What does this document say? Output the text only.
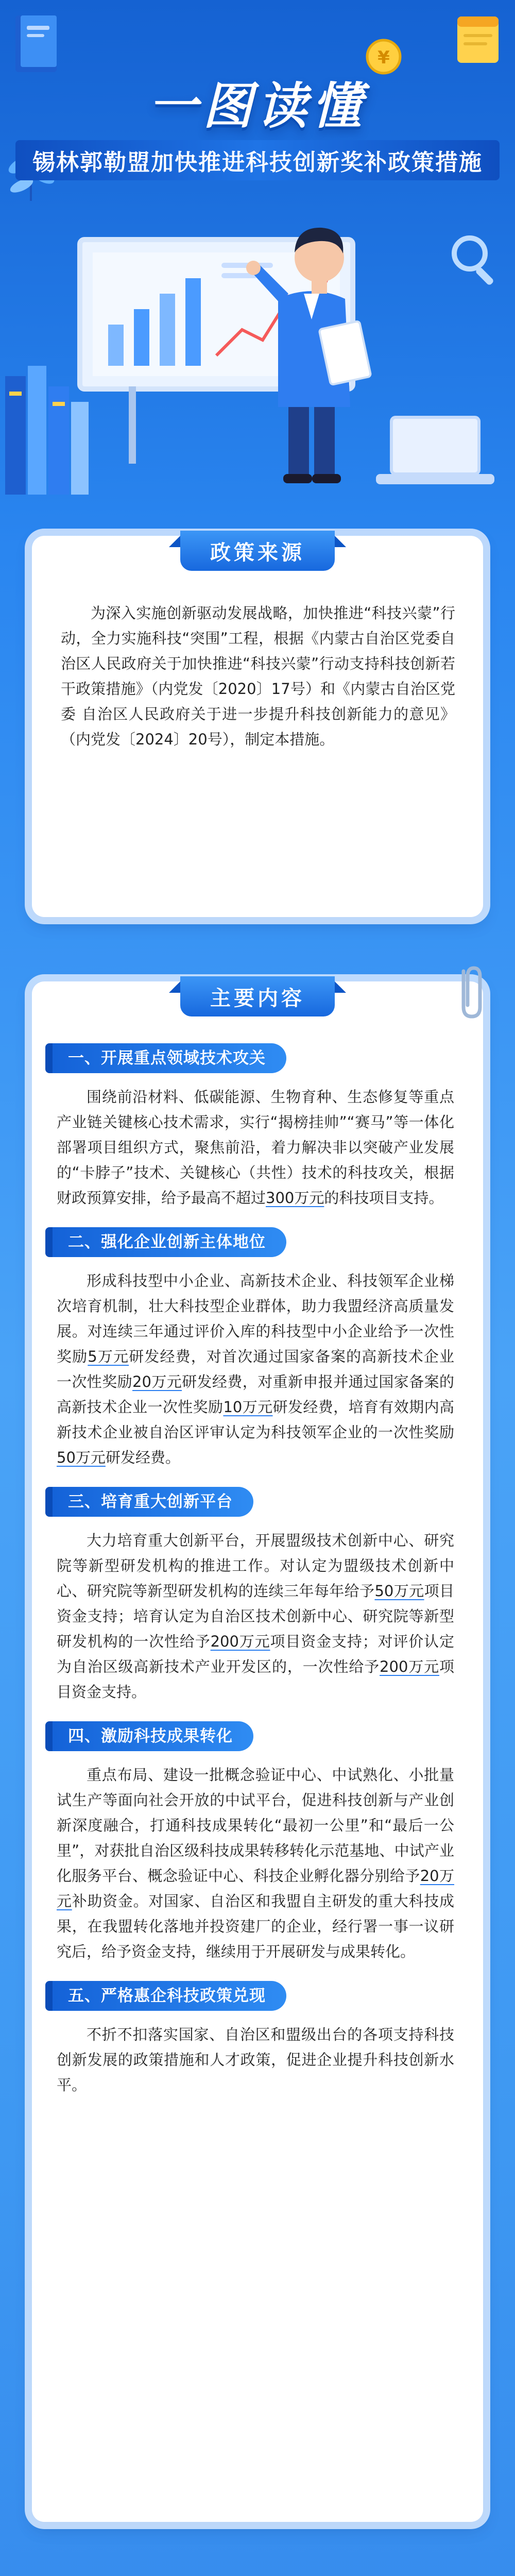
¥
一图读懂
锡林郭勒盟加快推进科技创新奖补政策措施
政策来源

为深入实施创新驱动发展战略，加快推进“科技兴蒙”行动，全力实施科技“突围”工程，根据《内蒙古自治区党委自治区人民政府关于加快推进“科技兴蒙”行动支持科技创新若干政策措施》（内党发〔2020〕17号）和《内蒙古自治区党委 自治区人民政府关于进一步提升科技创新能力的意见》（内党发〔2024〕20号），制定本措施。

主要内容
一、开展重点领域技术攻关

围绕前沿材料、低碳能源、生物育种、生态修复等重点产业链关键核心技术需求，实行“揭榜挂帅”“赛马”等一体化部署项目组织方式，聚焦前沿，着力解决非以突破产业发展的“卡脖子”技术、关键核心（共性）技术的科技攻关，根据财政预算安排，给予最高不超过300万元的科技项目支持。

二、强化企业创新主体地位

形成科技型中小企业、高新技术企业、科技领军企业梯次培育机制，壮大科技型企业群体，助力我盟经济高质量发展。对连续三年通过评价入库的科技型中小企业给予一次性奖励5万元研发经费，对首次通过国家备案的高新技术企业一次性奖励20万元研发经费，对重新申报并通过国家备案的高新技术企业一次性奖励10万元研发经费，培育有效期内高新技术企业被自治区评审认定为科技领军企业的一次性奖励50万元研发经费。

三、培育重大创新平台

大力培育重大创新平台，开展盟级技术创新中心、研究院等新型研发机构的推进工作。对认定为盟级技术创新中心、研究院等新型研发机构的连续三年每年给予50万元项目资金支持；培育认定为自治区技术创新中心、研究院等新型研发机构的一次性给予200万元项目资金支持；对评价认定为自治区级高新技术产业开发区的，一次性给予200万元项目资金支持。

四、激励科技成果转化

重点布局、建设一批概念验证中心、中试熟化、小批量试生产等面向社会开放的中试平台，促进科技创新与产业创新深度融合，打通科技成果转化“最初一公里”和“最后一公里”，对获批自治区级科技成果转移转化示范基地、中试产业化服务平台、概念验证中心、科技企业孵化器分别给予20万元补助资金。对国家、自治区和我盟自主研发的重大科技成果，在我盟转化落地并投资建厂的企业，经行署一事一议研究后，给予资金支持，继续用于开展研发与成果转化。

五、严格惠企科技政策兑现

不折不扣落实国家、自治区和盟级出台的各项支持科技创新发展的政策措施和人才政策，促进企业提升科技创新水平。
